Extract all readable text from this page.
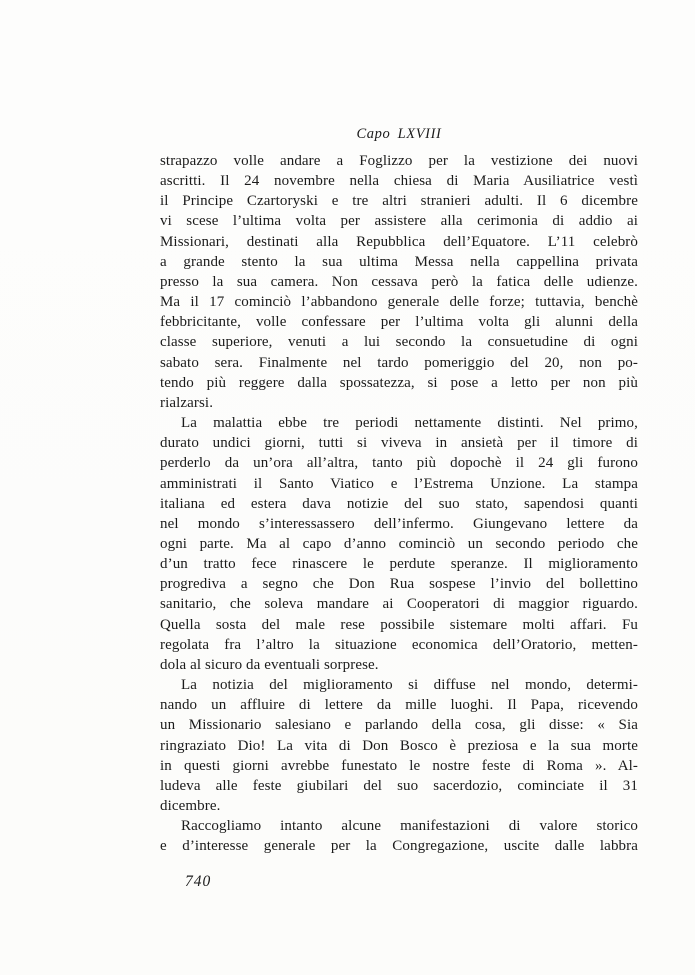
Capo LXVIII
strapazzo volle andare a Foglizzo per la vestizione dei nuovi
ascritti. Il 24 novembre nella chiesa di Maria Ausiliatrice vestì
il Principe Czartoryski e tre altri stranieri adulti. Il 6 dicembre
vi scese l’ultima volta per assistere alla cerimonia di addio ai
Missionari, destinati alla Repubblica dell’Equatore. L’11 celebrò
a grande stento la sua ultima Messa nella cappellina privata
presso la sua camera. Non cessava però la fatica delle udienze.
Ma il 17 cominciò l’abbandono generale delle forze; tuttavia, benchè
febbricitante, volle confessare per l’ultima volta gli alunni della
classe superiore, venuti a lui secondo la consuetudine di ogni
sabato sera. Finalmente nel tardo pomeriggio del 20, non po-
tendo più reggere dalla spossatezza, si pose a letto per non più
rialzarsi.
La malattia ebbe tre periodi nettamente distinti. Nel primo,
durato undici giorni, tutti si viveva in ansietà per il timore di
perderlo da un’ora all’altra, tanto più dopochè il 24 gli furono
amministrati il Santo Viatico e l’Estrema Unzione. La stampa
italiana ed estera dava notizie del suo stato, sapendosi quanti
nel mondo s’interessassero dell’infermo. Giungevano lettere da
ogni parte. Ma al capo d’anno cominciò un secondo periodo che
d’un tratto fece rinascere le perdute speranze. Il miglioramento
progrediva a segno che Don Rua sospese l’invio del bollettino
sanitario, che soleva mandare ai Cooperatori di maggior riguardo.
Quella sosta del male rese possibile sistemare molti affari. Fu
regolata fra l’altro la situazione economica dell’Oratorio, metten-
dola al sicuro da eventuali sorprese.
La notizia del miglioramento si diffuse nel mondo, determi-
nando un affluire di lettere da mille luoghi. Il Papa, ricevendo
un Missionario salesiano e parlando della cosa, gli disse: « Sia
ringraziato Dio! La vita di Don Bosco è preziosa e la sua morte
in questi giorni avrebbe funestato le nostre feste di Roma ». Al-
ludeva alle feste giubilari del suo sacerdozio, cominciate il 31
dicembre.
Raccogliamo intanto alcune manifestazioni di valore storico
e d’interesse generale per la Congregazione, uscite dalle labbra
740
